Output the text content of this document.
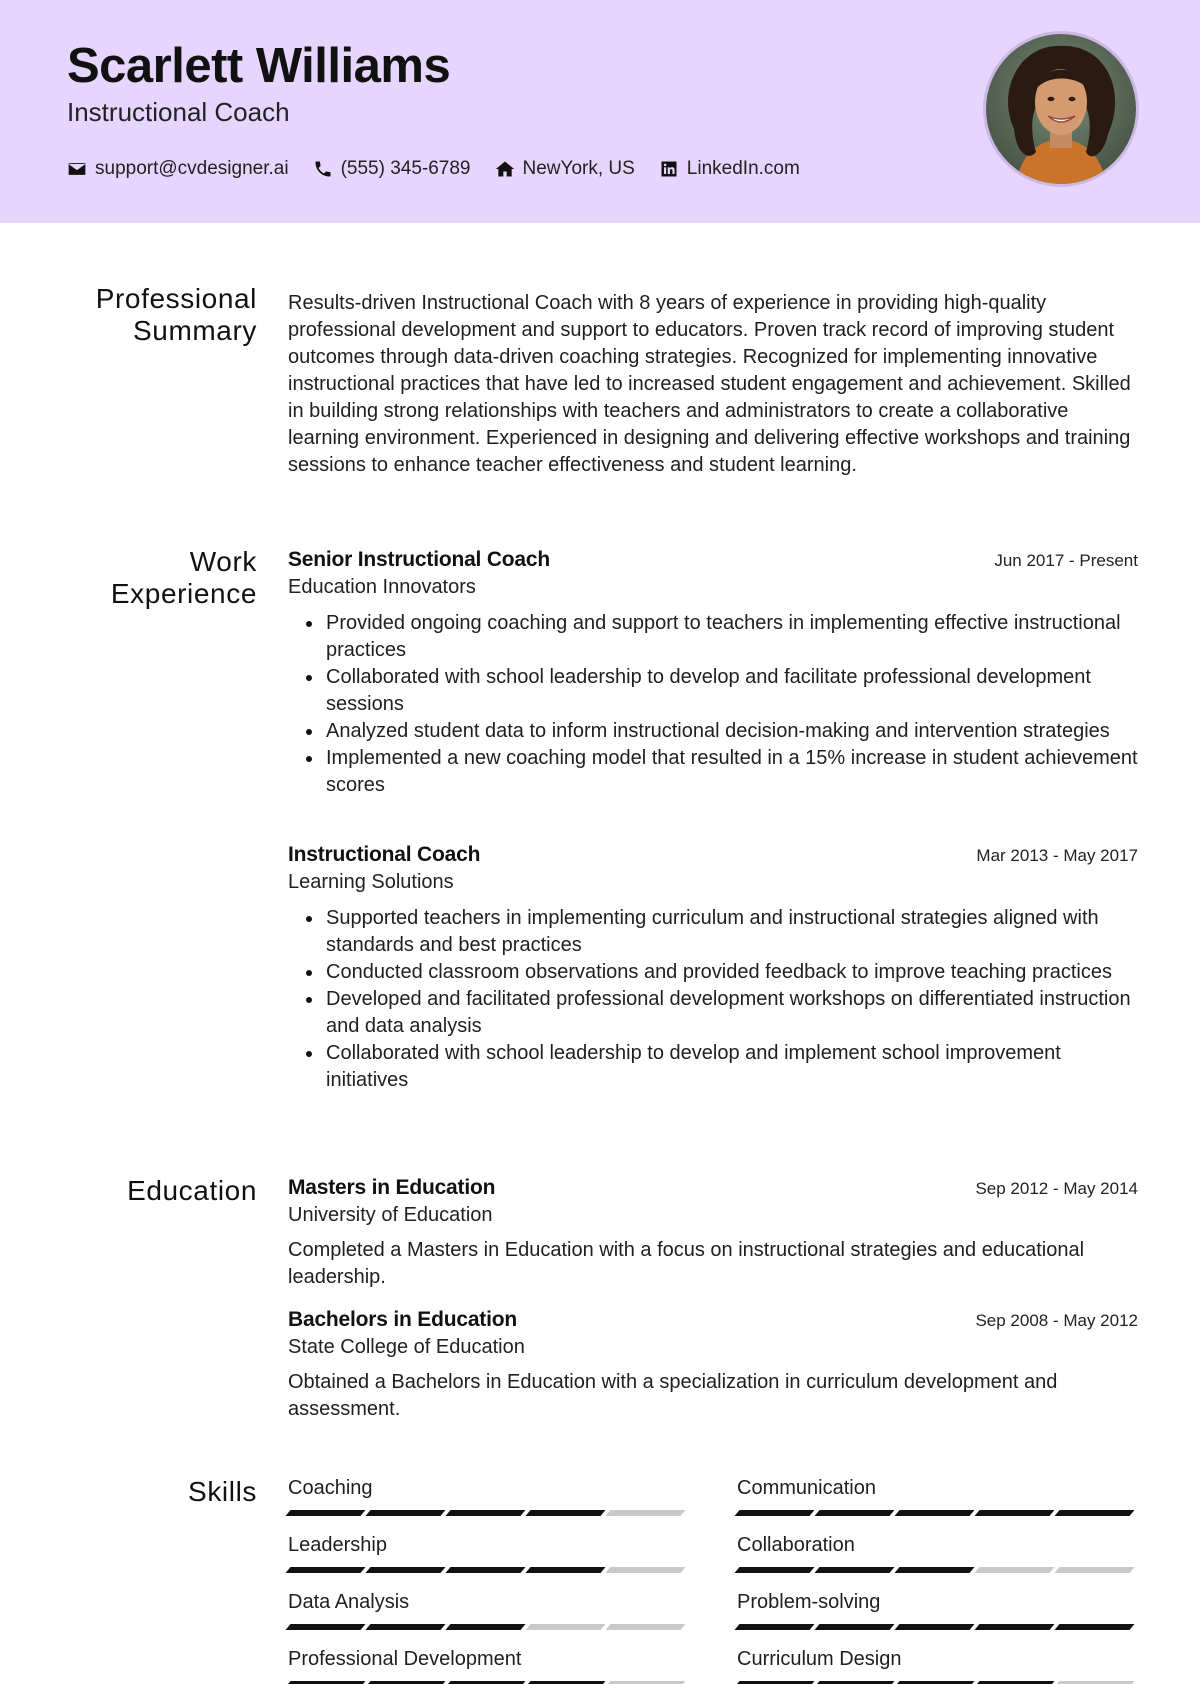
Scarlett Williams
Instructional Coach
support@cvdesigner.ai	(555) 345-6789	NewYork, US	LinkedIn.com
Professional
Summary
Results-driven Instructional Coach with 8 years of experience in providing high-quality professional development and support to educators. Proven track record of improving student outcomes through data-driven coaching strategies. Recognized for implementing innovative instructional practices that have led to increased student engagement and achievement. Skilled in building strong relationships with teachers and administrators to create a collaborative learning environment. Experienced in designing and delivering effective workshops and training sessions to enhance teacher effectiveness and student learning.
Work
Experience
Senior Instructional Coach	Jun 2017 - Present
Education Innovators
Provided ongoing coaching and support to teachers in implementing effective instructional practices
Collaborated with school leadership to develop and facilitate professional development sessions
Analyzed student data to inform instructional decision-making and intervention strategies
Implemented a new coaching model that resulted in a 15% increase in student achievement scores
Instructional Coach	Mar 2013 - May 2017
Learning Solutions
Supported teachers in implementing curriculum and instructional strategies aligned with standards and best practices
Conducted classroom observations and provided feedback to improve teaching practices
Developed and facilitated professional development workshops on differentiated instruction and data analysis
Collaborated with school leadership to develop and implement school improvement initiatives
Education Masters in Education	Sep 2012 - May 2014
University of Education
Completed a Masters in Education with a focus on instructional strategies and educational leadership.
Bachelors in Education	Sep 2008 - May 2012
State College of Education
Obtained a Bachelors in Education with a specialization in curriculum development and assessment.
Skills Coaching	Communication
Leadership	Collaboration
Data Analysis	Problem-solving
Professional Development	Curriculum Design
